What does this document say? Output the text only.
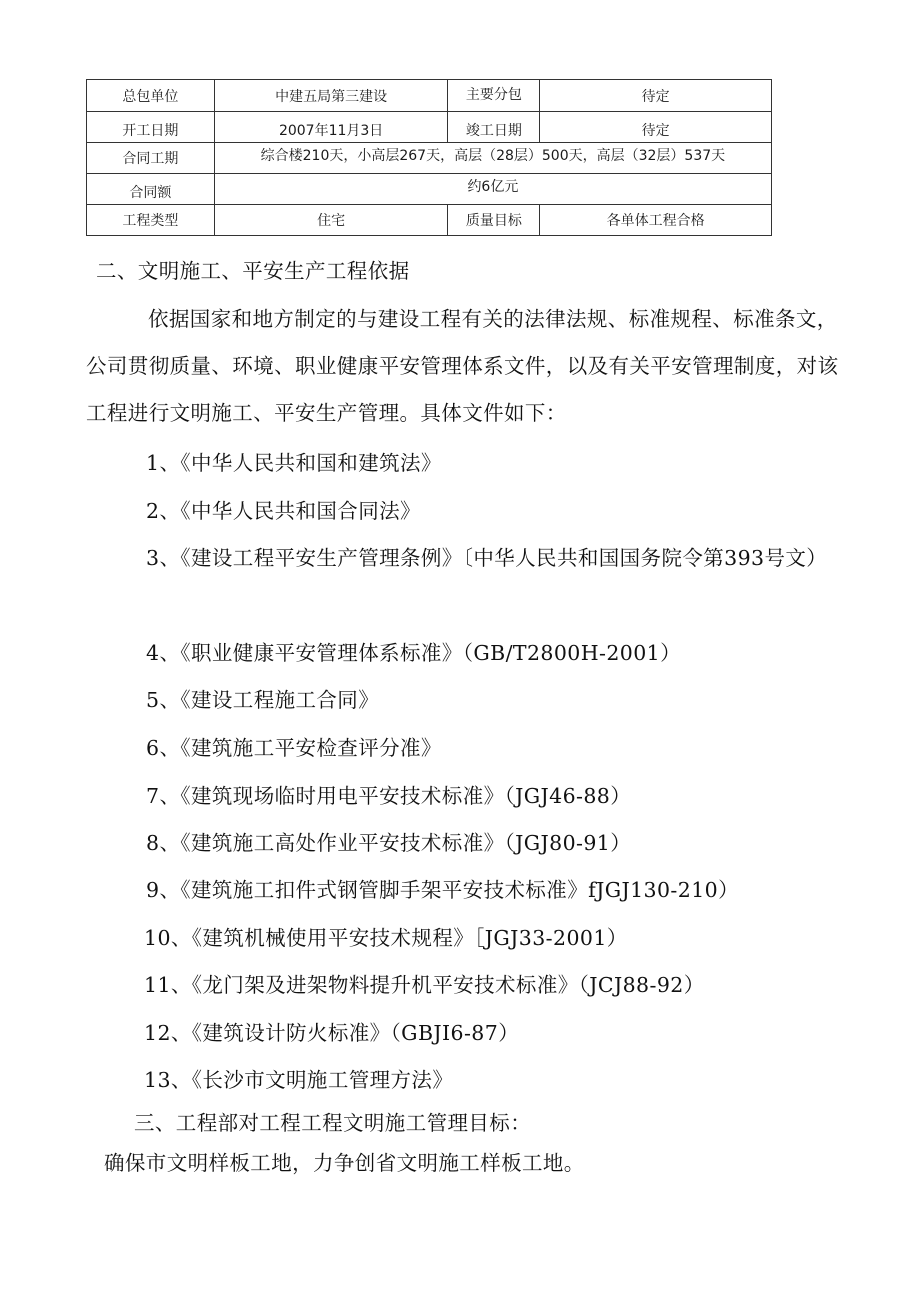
总包单位	中建五局第三建设	主要分包	待定
开工日期	2007年11月3日	竣工日期	待定
合同工期	综合楼210天，小高层267天，高层（28层）500天，高层（32层）537天		
合同额	约6亿元		
工程类型	住宅	质量目标	各单体工程合格

二、文明施工、平安生产工程依据

依据国家和地方制定的与建设工程有关的法律法规、标准规程、标准条文，公司贯彻质量、环境、职业健康平安管理体系文件，以及有关平安管理制度，对该工程进行文明施工、平安生产管理。具体文件如下：

1、《中华人民共和国和建筑法》

2、《中华人民共和国合同法》

3、《建设工程平安生产管理条例》〔中华人民共和国国务院令第393号文）

4、《职业健康平安管理体系标准》（GB/T2800H-2001）

5、《建设工程施工合同》

6、《建筑施工平安检查评分准》

7、《建筑现场临时用电平安技术标准》（JGJ46-88）

8、《建筑施工高处作业平安技术标准》（JGJ80-91）

9、《建筑施工扣件式钢管脚手架平安技术标准》fJGJ130-210）

10、《建筑机械使用平安技术规程》［JGJ33-2001）

11、《龙门架及进架物料提升机平安技术标准》（JCJ88-92）

12、《建筑设计防火标准》（GBJI6-87）

13、《长沙市文明施工管理方法》

三、工程部对工程工程文明施工管理目标：

确保市文明样板工地，力争创省文明施工样板工地。
